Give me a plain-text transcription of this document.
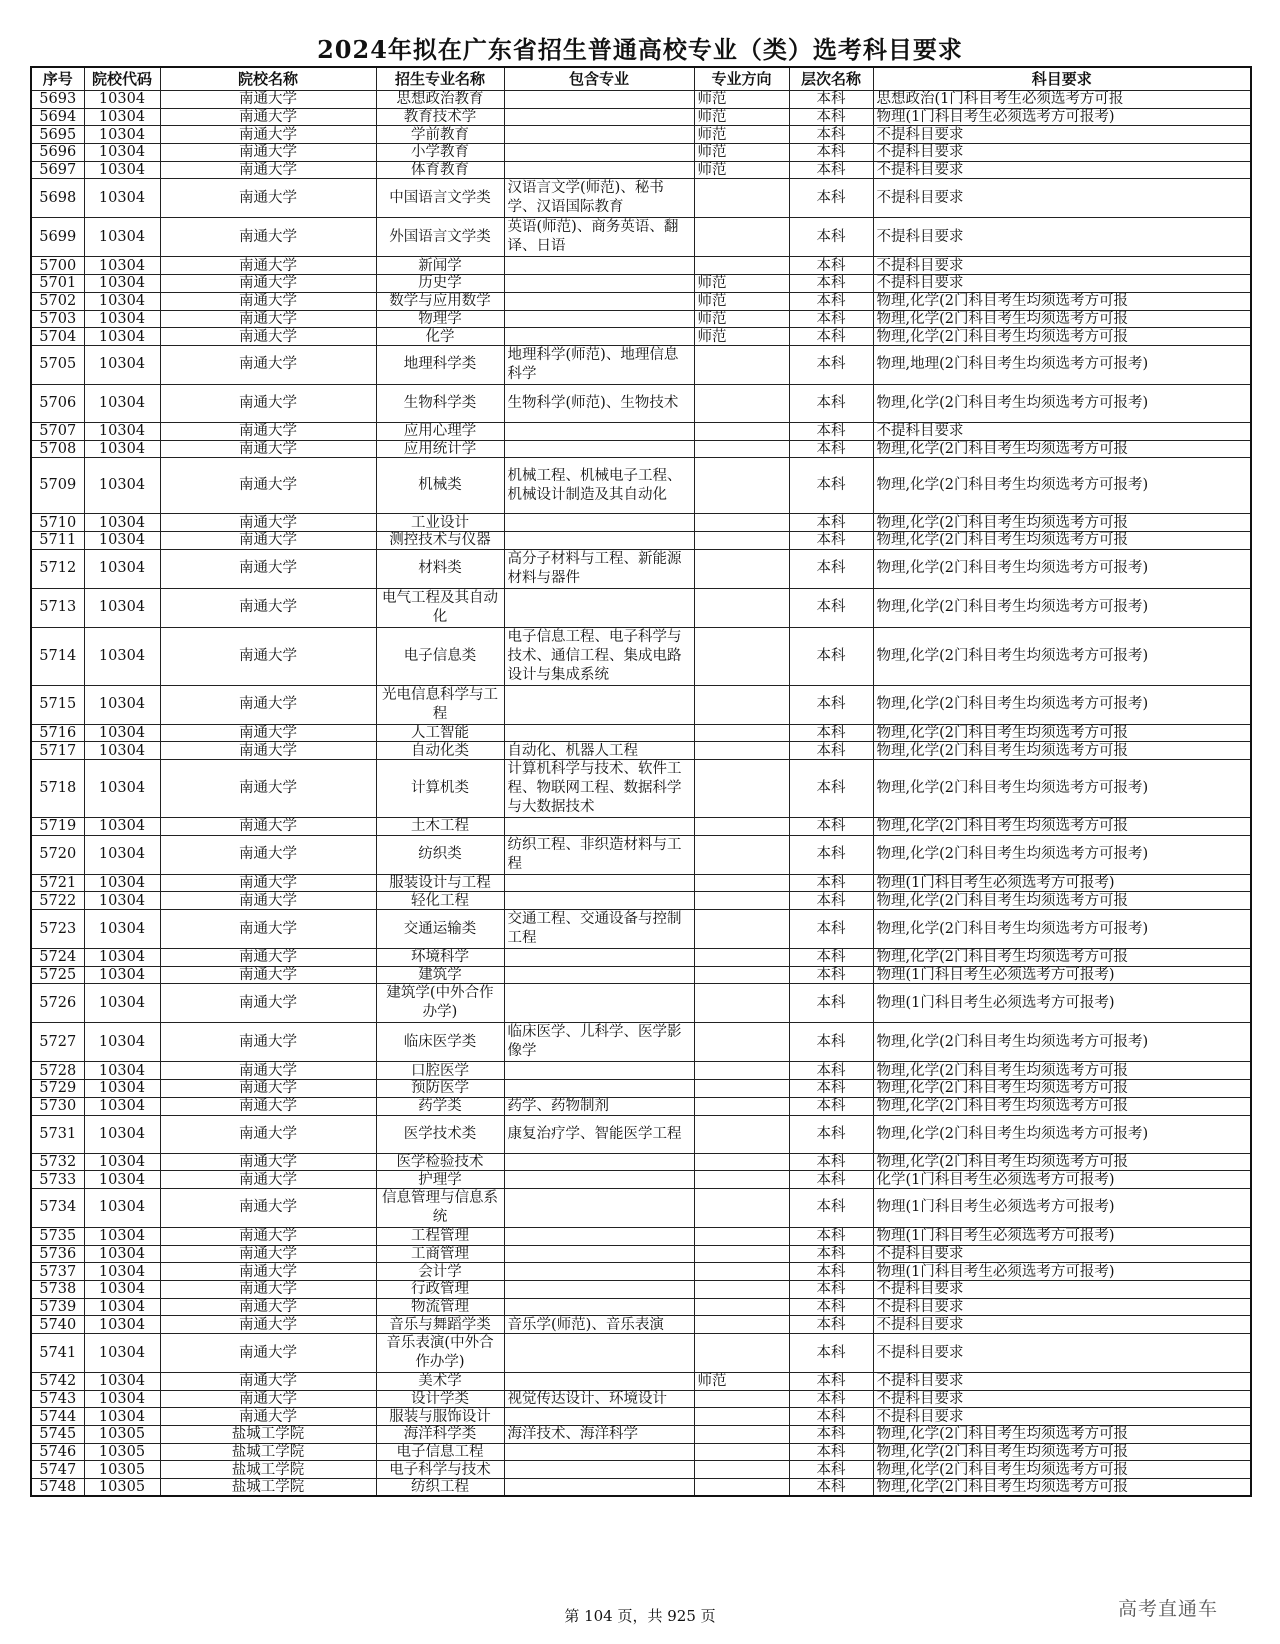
2024年拟在广东省招生普通高校专业（类）选考科目要求
序号	院校代码	院校名称	招生专业名称	包含专业	专业方向	层次名称	科目要求
5693	10304	南通大学	思想政治教育		师范	本科	思想政治(1门科目考生必须选考方可报
5694	10304	南通大学	教育技术学		师范	本科	物理(1门科目考生必须选考方可报考)
5695	10304	南通大学	学前教育		师范	本科	不提科目要求
5696	10304	南通大学	小学教育		师范	本科	不提科目要求
5697	10304	南通大学	体育教育		师范	本科	不提科目要求
5698	10304	南通大学	中国语言文学类	汉语言文学(师范)、秘书学、汉语国际教育		本科	不提科目要求
5699	10304	南通大学	外国语言文学类	英语(师范)、商务英语、翻译、日语		本科	不提科目要求
5700	10304	南通大学	新闻学			本科	不提科目要求
5701	10304	南通大学	历史学		师范	本科	不提科目要求
5702	10304	南通大学	数学与应用数学		师范	本科	物理,化学(2门科目考生均须选考方可报
5703	10304	南通大学	物理学		师范	本科	物理,化学(2门科目考生均须选考方可报
5704	10304	南通大学	化学		师范	本科	物理,化学(2门科目考生均须选考方可报
5705	10304	南通大学	地理科学类	地理科学(师范)、地理信息科学		本科	物理,地理(2门科目考生均须选考方可报考)
5706	10304	南通大学	生物科学类	生物科学(师范)、生物技术		本科	物理,化学(2门科目考生均须选考方可报考)
5707	10304	南通大学	应用心理学			本科	不提科目要求
5708	10304	南通大学	应用统计学			本科	物理,化学(2门科目考生均须选考方可报
5709	10304	南通大学	机械类	机械工程、机械电子工程、机械设计制造及其自动化		本科	物理,化学(2门科目考生均须选考方可报考)
5710	10304	南通大学	工业设计			本科	物理,化学(2门科目考生均须选考方可报
5711	10304	南通大学	测控技术与仪器			本科	物理,化学(2门科目考生均须选考方可报
5712	10304	南通大学	材料类	高分子材料与工程、新能源材料与器件		本科	物理,化学(2门科目考生均须选考方可报考)
5713	10304	南通大学	电气工程及其自动化			本科	物理,化学(2门科目考生均须选考方可报考)
5714	10304	南通大学	电子信息类	电子信息工程、电子科学与技术、通信工程、集成电路设计与集成系统		本科	物理,化学(2门科目考生均须选考方可报考)
5715	10304	南通大学	光电信息科学与工程			本科	物理,化学(2门科目考生均须选考方可报考)
5716	10304	南通大学	人工智能			本科	物理,化学(2门科目考生均须选考方可报
5717	10304	南通大学	自动化类	自动化、机器人工程		本科	物理,化学(2门科目考生均须选考方可报
5718	10304	南通大学	计算机类	计算机科学与技术、软件工程、物联网工程、数据科学与大数据技术		本科	物理,化学(2门科目考生均须选考方可报考)
5719	10304	南通大学	土木工程			本科	物理,化学(2门科目考生均须选考方可报
5720	10304	南通大学	纺织类	纺织工程、非织造材料与工程		本科	物理,化学(2门科目考生均须选考方可报考)
5721	10304	南通大学	服装设计与工程			本科	物理(1门科目考生必须选考方可报考)
5722	10304	南通大学	轻化工程			本科	物理,化学(2门科目考生均须选考方可报
5723	10304	南通大学	交通运输类	交通工程、交通设备与控制工程		本科	物理,化学(2门科目考生均须选考方可报考)
5724	10304	南通大学	环境科学			本科	物理,化学(2门科目考生均须选考方可报
5725	10304	南通大学	建筑学			本科	物理(1门科目考生必须选考方可报考)
5726	10304	南通大学	建筑学(中外合作办学)			本科	物理(1门科目考生必须选考方可报考)
5727	10304	南通大学	临床医学类	临床医学、儿科学、医学影像学		本科	物理,化学(2门科目考生均须选考方可报考)
5728	10304	南通大学	口腔医学			本科	物理,化学(2门科目考生均须选考方可报
5729	10304	南通大学	预防医学			本科	物理,化学(2门科目考生均须选考方可报
5730	10304	南通大学	药学类	药学、药物制剂		本科	物理,化学(2门科目考生均须选考方可报
5731	10304	南通大学	医学技术类	康复治疗学、智能医学工程		本科	物理,化学(2门科目考生均须选考方可报考)
5732	10304	南通大学	医学检验技术			本科	物理,化学(2门科目考生均须选考方可报
5733	10304	南通大学	护理学			本科	化学(1门科目考生必须选考方可报考)
5734	10304	南通大学	信息管理与信息系统			本科	物理(1门科目考生必须选考方可报考)
5735	10304	南通大学	工程管理			本科	物理(1门科目考生必须选考方可报考)
5736	10304	南通大学	工商管理			本科	不提科目要求
5737	10304	南通大学	会计学			本科	物理(1门科目考生必须选考方可报考)
5738	10304	南通大学	行政管理			本科	不提科目要求
5739	10304	南通大学	物流管理			本科	不提科目要求
5740	10304	南通大学	音乐与舞蹈学类	音乐学(师范)、音乐表演		本科	不提科目要求
5741	10304	南通大学	音乐表演(中外合作办学)			本科	不提科目要求
5742	10304	南通大学	美术学		师范	本科	不提科目要求
5743	10304	南通大学	设计学类	视觉传达设计、环境设计		本科	不提科目要求
5744	10304	南通大学	服装与服饰设计			本科	不提科目要求
5745	10305	盐城工学院	海洋科学类	海洋技术、海洋科学		本科	物理,化学(2门科目考生均须选考方可报
5746	10305	盐城工学院	电子信息工程			本科	物理,化学(2门科目考生均须选考方可报
5747	10305	盐城工学院	电子科学与技术			本科	物理,化学(2门科目考生均须选考方可报
5748	10305	盐城工学院	纺织工程			本科	物理,化学(2门科目考生均须选考方可报
第 104 页，共 925 页	高考直通车
